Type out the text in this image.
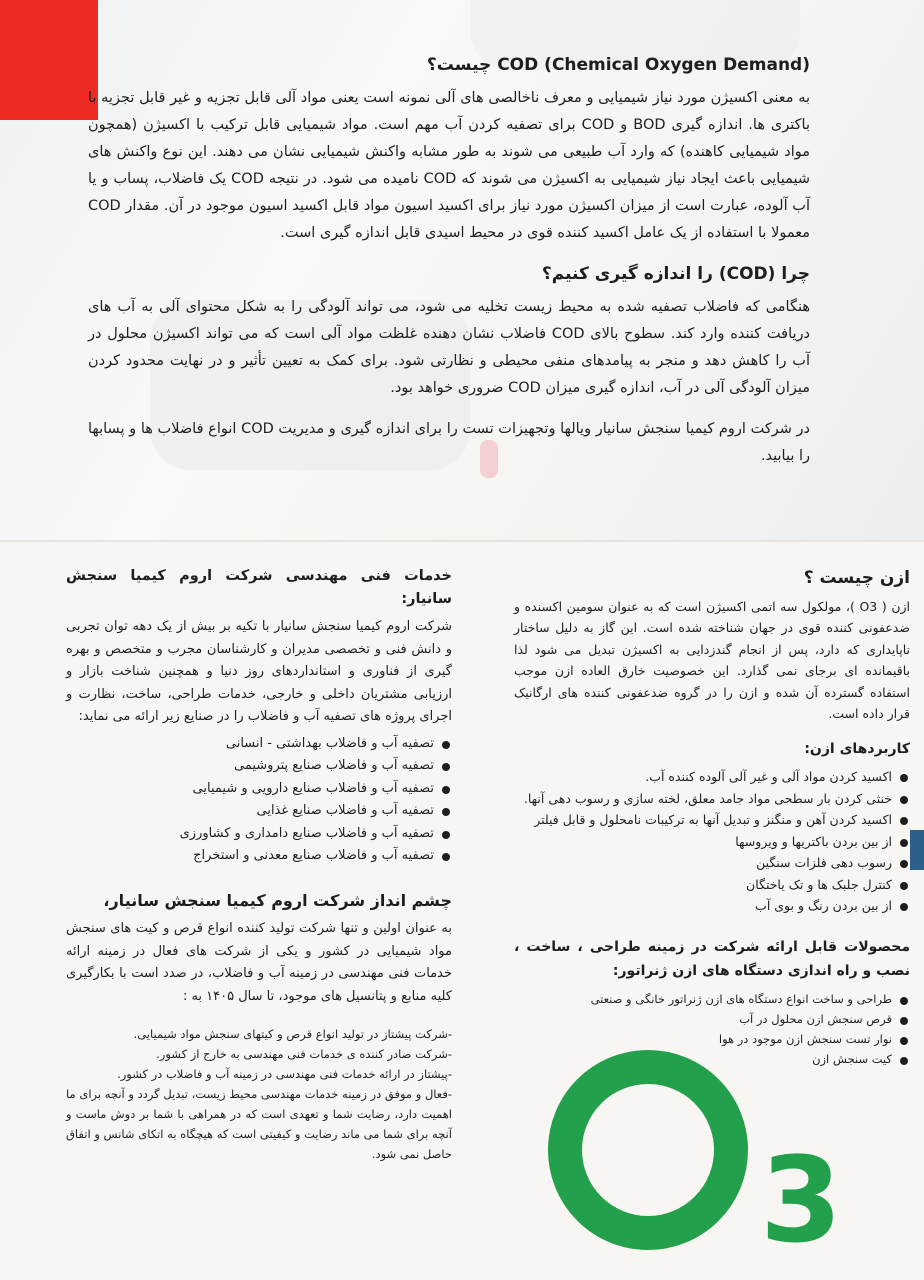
(Chemical Oxygen Demand) COD چیست؟

به معنی اکسیژن مورد نیاز شیمیایی و معرف ناخالصی های آلی نمونه است یعنی مواد آلی قابل تجزیه و غیر قابل تجزیه با باکتری ها. اندازه گیری BOD و COD برای تصفیه کردن آب مهم است. مواد شیمیایی قابل ترکیب با اکسیژن (همچون مواد شیمیایی کاهنده) که وارد آب طبیعی می شوند به طور مشابه واکنش شیمیایی نشان می دهند. این نوع واکنش های شیمیایی باعث ایجاد نیاز شیمیایی به اکسیژن می شوند که COD نامیده می شود. در نتیجه COD یک فاضلاب، پساب و یا آب آلوده، عبارت است از میزان اکسیژن مورد نیاز برای اکسید اسیون مواد قابل اکسید اسیون موجود در آن. مقدار COD معمولا با استفاده از یک عامل اکسید کننده قوی در محیط اسیدی قابل اندازه گیری است.

چرا (COD) را اندازه گیری کنیم؟

هنگامی که فاضلاب تصفیه شده به محیط زیست تخلیه می شود، می تواند آلودگی را به شکل محتوای آلی به آب های دریافت کننده وارد کند. سطوح بالای COD فاضلاب نشان دهنده غلظت مواد آلی است که می تواند اکسیژن محلول در آب را کاهش دهد و منجر به پیامدهای منفی محیطی و نظارتی شود. برای کمک به تعیین تأثیر و در نهایت محدود کردن میزان آلودگی آلی در آب، اندازه گیری میزان COD ضروری خواهد بود.

در شرکت اروم کیمیا سنجش سانیار ویالها وتجهیزات تست را برای اندازه گیری و مدیریت COD انواع فاضلاب ها و پسابها را بیابید.

خدمات فنی مهندسی شرکت اروم کیمیا سنجش سانیار:

شرکت اروم کیمیا سنجش سانیار با تکیه بر بیش از یک دهه توان تجربی و دانش فنی و تخصصی مدیران و کارشناسان مجرب و متخصص و بهره گیری از فناوری و استانداردهای روز دنیا و همچنین شناخت بازار و ارزیابی مشتریان داخلی و خارجی، خدمات طراحی، ساخت، نظارت و اجرای پروژه های تصفیه آب و فاضلاب را در صنایع زیر ارائه می نماید:

تصفیه آب و فاضلاب بهداشتی - انسانی
تصفیه آب و فاضلاب صنایع پتروشیمی
تصفیه آب و فاضلاب صنایع دارویی و شیمیایی
تصفیه آب و فاضلاب صنایع غذایی
تصفیه آب و فاضلاب صنایع دامداری و کشاورزی
تصفیه آب و فاضلاب صنایع معدنی و استخراج
چشم انداز شرکت اروم کیمیا سنجش سانیار،

به عنوان اولین و تنها شرکت تولید کننده انواع قرص و کیت های سنجش مواد شیمیایی در کشور و یکی از شرکت های فعال در زمینه ارائه خدمات فنی مهندسی در زمینه آب و فاضلاب، در صدد است با بکارگیری کلیه منابع و پتانسیل های موجود، تا سال ۱۴۰۵ به :

-شرکت پیشتاز در تولید انواع قرص و کیتهای سنجش مواد شیمیایی.
-شرکت صادر کننده ی خدمات فنی مهندسی به خارج از کشور.
-پیشتاز در ارائه خدمات فنی مهندسی در زمینه آب و فاضلاب در کشور.
-فعال و موفق در زمینه خدمات مهندسی محیط زیست، تبدیل گردد و آنچه برای ما اهمیت دارد، رضایت شما و تعهدی است که در همراهی با شما بر دوش ماست و آنچه برای شما می ماند رضایت و کیفیتی است که هیچگاه به اتکای شانس و اتفاق حاصل نمی شود.	3
ازن چیست ؟

ازن ( O3 )، مولکول سه اتمی اکسیژن است که به عنوان سومین اکسنده و ضدعفونی کننده قوی در جهان شناخته شده است. این گاز به دلیل ساختار ناپایداری که دارد، پس از انجام گندزدایی به اکسیژن تبدیل می شود لذا باقیمانده ای برجای نمی گذارد. این خصوصیت خارق العاده ازن موجب استفاده گسترده آن شده و ازن را در گروه ضدعفونی کننده های ارگانیک قرار داده است.

کاربردهای ازن:
اکسید کردن مواد آلی و غیر آلی آلوده کننده آب.
خنثی کردن بار سطحی مواد جامد معلق، لخته سازی و رسوب دهی آنها.
اکسید کردن آهن و منگنز و تبدیل آنها به ترکیبات نامحلول و قابل فیلتر
از بین بردن باکتریها و ویروسها
رسوب دهی فلزات سنگین
کنترل جلبک ها و تک یاختگان
از بین بردن رنگ و بوی آب
محصولات قابل ارائه شرکت در زمینه طراحی ، ساخت ، نصب و راه اندازی دستگاه های ازن ژنراتور:
طراحی و ساخت انواع دستگاه های ازن ژنراتور خانگی و صنعتی
قرص سنجش ازن محلول در آب
نوار تست سنجش ازن موجود در هوا
کیت سنجش ازن
